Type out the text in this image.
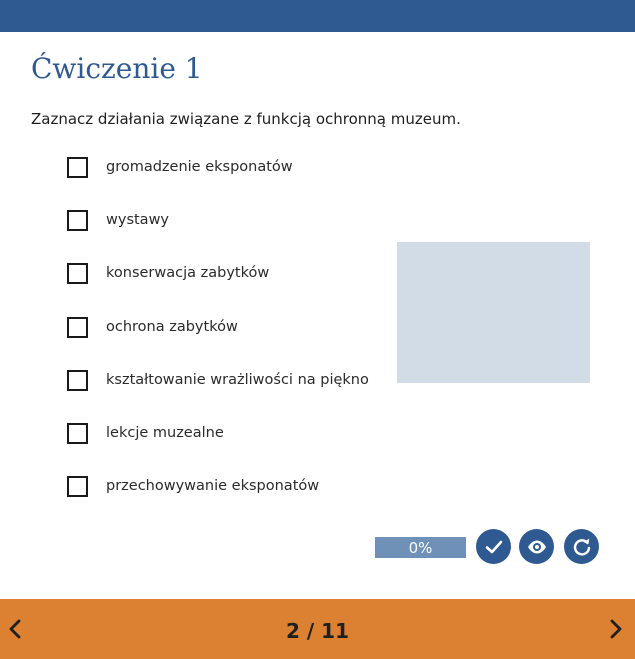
Ćwiczenie 1

Zaznacz działania związane z funkcją ochronną muzeum.

gromadzenie eksponatów
wystawy
konserwacja zabytków
ochrona zabytków
kształtowanie wrażliwości na piękno
lekcje muzealne
przechowywanie eksponatów
0%
2 / 11
